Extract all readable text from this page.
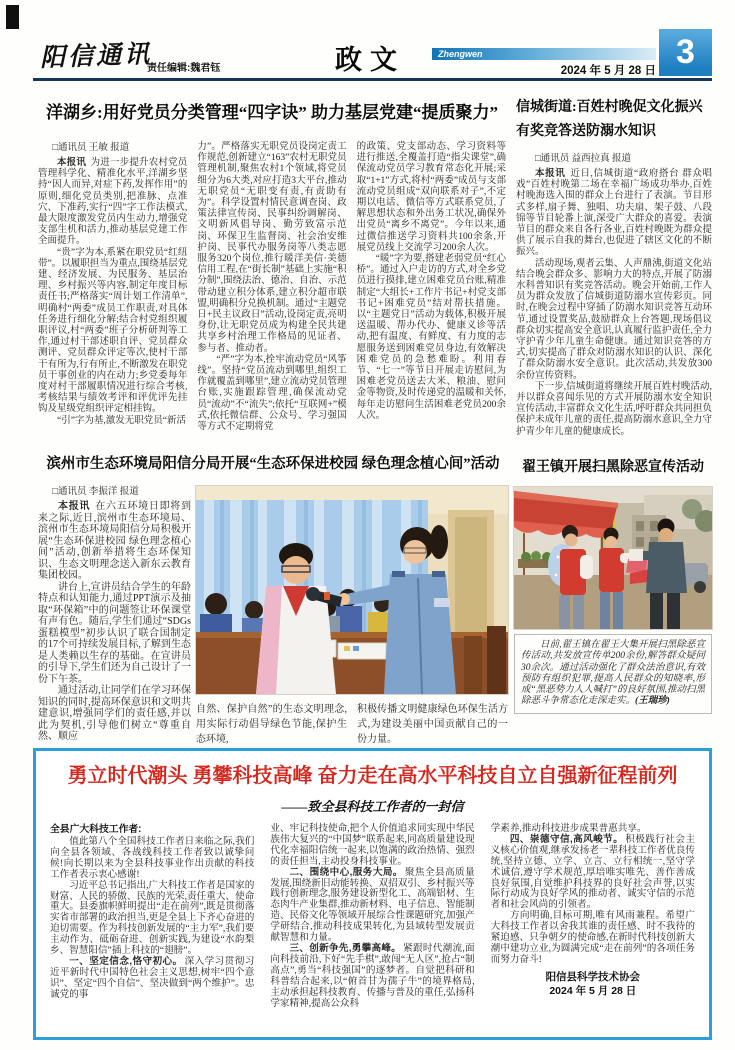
阳信通讯
责任编辑:魏君钰	政文	Zhengwen
2024 年 5 月 28 日 3
洋湖乡:用好党员分类管理“四字诀” 助力基层党建“提质聚力”

□通讯员 王敏 报道

本报讯 为进一步提升农村党员管理科学化、精准化水平,洋湖乡坚持“因人而异,对症下药,发挥作用”的原则,细化党员类别,把准脉、点准穴、下准药,实行“四”字工作法模式,最大限度激发党员内生动力,增强党支部生机和活力,推动基层党建工作全面提升。

“贵”字为本,系紧在职党员“红纽带”。以履职担当为重点,围绕基层党建、经济发展、为民服务、基层治理、乡村振兴等内容,制定年度目标责任书;严格落实“周计划工作清单”,明确村“两委”成员工作职责,对具体任务进行细化分解;结合村党组织履职评议,村“两委”班子分析研判等工作,通过村干部述职自评、党员群众测评、党员群众评定等次,使村干部干有所为,行有所止,不断激发在职党员干事创业的内在动力;乡党委每年度对村干部履职情况进行综合考核,考核结果与绩效考评和评优评先挂钩及星级党组织评定相挂钩。

“引”字为基,激发无职党员“新活

力”。严格落实无职党员设岗定责工作规范,创新建立“163”农村无职党员管理机制,聚焦农村1个领域,将党员细分为6大类,对应打造3大平台,推动无职党员“无职变有责,有责助有为”。科学设置村情民意调查岗、政策法律宣传岗、民事纠纷调解岗、文明新风倡导岗、勤劳致富示范岗、环保卫生监督岗、社会治安维护岗、民事代办服务岗等八类志愿服务320个岗位,推行暖洋美信·美德信用工程,在“街长制”基础上实施“积分制”,围绕法治、德治、自治、示范带动建立积分体系,建立积分超市联盟,明确积分兑换机制。通过“主题党日+民主议政日”活动,设岗定责,亮明身份,让无职党员成为构建全民共建共享乡村治理工作格局的见证者、参与者、推动者。

“严”字为本,拴牢流动党员“风筝线”。坚持“党员流动到哪里,组织工作就覆盖到哪里”,建立流动党员管理台账,实施跟踪管理,确保流动党员“流动”不“流失”;依托“互联网+”模式,依托微信群、公众号、学习强国等方式不定期将党

的政策、党支部动态、学习资料等进行推送,全覆盖打造“指尖课堂”,确保流动党员学习教育常态化开展;采取“1+1”方式,将村“两委”成员与支部流动党员组成“双向联系对子”,不定期以电话、微信等方式联系党员,了解思想状态和外出务工状况,确保外出党员“离乡不离党”。今年以来,通过微信推送学习资料共100余条,开展党员线上交流学习200余人次。

“暖”字为要,搭建老弱党员“红心桥”。通过入户走访的方式,对全乡党员进行摸排,建立困难党员台账,精准制定“大组长+工作片书记+村党支部书记+困难党员”结对帮扶措施。以“主题党日”活动为载体,积极开展送温暖、帮办代办、健康义诊等活动,把有温度、有鲜度、有力度的志愿服务送到困难党员身边,有效解决困难党员的急愁难盼。利用春节、“七一”等节日开展走访慰问,为困难老党员送去大米、粮油、慰问金等物资,及时传递党的温暖和关怀,每年走访慰问生活困难老党员200余人次。

信城街道:百姓村晚促文化振兴
有奖竞答送防溺水知识

□通讯员 益西拉真 报道

本报讯 近日,信城街道“政府搭台 群众唱戏”百姓村晚第二场在幸福广场成功举办,百姓村晚海选入围的群众上台进行了表演。节目形式多样,扇子舞、独唱、功夫扇、架子鼓、八段锦等节目轮番上演,深受广大群众的喜爱。表演节目的群众来自各行各业,百姓村晚既为群众提供了展示自我的舞台,也促进了辖区文化的不断振兴。

活动现场,观者云集、人声鼎沸,街道文化站结合晚会群众多、影响力大的特点,开展了防溺水科普知识有奖竞答活动。晚会开始前,工作人员为群众发放了信城街道防溺水宣传彩页。同时,在晚会过程中穿插了防溺水知识竞答互动环节,通过设置奖品,鼓励群众上台答题,现场倡议群众切实提高安全意识,认真履行监护责任,全力守护青少年儿童生命健康。通过知识竞答的方式,切实提高了群众对防溺水知识的认识、深化了群众防溺水安全意识。此次活动,共发放300余份宣传资料。

下一步,信城街道将继续开展百姓村晚活动,并以群众喜闻乐见的方式开展防溺水安全知识宣传活动,丰富群众文化生活,呼吁群众共同担负保护未成年儿童的责任,提高防溺水意识,全力守护青少年儿童的健康成长。

滨州市生态环境局阳信分局开展“生态环保进校园 绿色理念植心间”活动

□通讯员 李振洋 报道

本报讯 在六五环境日即将到来之际,近日,滨州市生态环境局、滨州市生态环境局阳信分局积极开展“生态环保进校园 绿色理念植心间”活动,创新举措将生态环保知识、生态文明理念送入新东云教育集团校园。

讲台上,宣讲员结合学生的年龄特点和认知能力,通过PPT演示及抽取“环保箱”中的问题签让环保课堂有声有色。随后,学生们通过“SDGs蛋糕模型”初步认识了联合国制定的17个可持续发展目标,了解到生态是人类赖以生存的基础。在宣讲员的引导下,学生们还为自己设计了一份下午茶。

通过活动,让同学们在学习环保知识的同时,提高环保意识和文明共建意识,增强同学们的责任感,并以此为契机,引导他们树立“尊重自然、顺应

自然、保护自然”的生态文明理念,用实际行动倡导绿色节能,保护生态环境,

积极传播文明健康绿色环保生活方式,为建设美丽中国贡献自己的一份力量。

翟王镇开展扫黑除恶宣传活动
日前,翟王镇在翟王大集开展扫黑除恶宣传活动,共发放宣传单200余份,解答群众疑问30余次。通过活动强化了群众法治意识,有效预防有组织犯罪,提高人民群众的知晓率,形成“黑恶势力人人喊打”的良好氛围,推动扫黑除恶斗争常态化走深走实。(王瑞珍)
勇立时代潮头 勇攀科技高峰 奋力走在高水平科技自立自强新征程前列
——致全县科技工作者的一封信

全县广大科技工作者:

值此第八个全国科技工作者日来临之际,我们向全县各领域、各战线科技工作者致以诚挚问候!向长期以来为全县科技事业作出贡献的科技工作者表示衷心感谢!

习近平总书记指出,广大科技工作者是国家的财富、人民的骄傲、民族的光荣,责任重大、使命重大。县委旗帜鲜明提出“走在前列”,既是贯彻落实省市部署的政治担当,更是全县上下齐心奋进的迫切需要。作为科技创新发展的“主力军”,我们要主动作为、砥砺奋进、创新实践,为建设“水韵梨乡、智慧阳信”插上科技的“翅膀”。

一、坚定信念,恪守初心。 深入学习贯彻习近平新时代中国特色社会主义思想,树牢“四个意识”、坚定“四个自信”、坚决做到“两个维护”。忠诚党的事

业、牢记科技使命,把个人价值追求同实现中华民族伟大复兴的“中国梦”联系起来,同高质量建设现代化幸福阳信统一起来,以饱满的政治热情、强烈的责任担当,主动投身科技事业。

二、围绕中心,服务大局。 聚焦全县高质量发展,围绕新旧动能转换、双招双引、乡村振兴等践行创新理念,服务建设新型化工、高端铝材、生态肉牛产业集群,推动新材料、电子信息、智能制造、民俗文化等领域开展综合性课题研究,加强产学研结合,推动科技成果转化,为县域转型发展贡献智慧和力量。

三、创新争先,勇攀高峰。 紧跟时代潮流,面向科技前沿,下好“先手棋”,敢闯“无人区”,抢占“制高点”,勇当“科技强国”的逐梦者。自觉把科研和科普结合起来,以“俯首甘为孺子牛”的境界格局,主动承担起科技教育、传播与普及的重任,弘扬科学家精神,提高公众科

学素养,推动科技进步成果普惠共享。

四、崇德守信,高风峻节。 积极践行社会主义核心价值观,继承发扬老一辈科技工作者优良传统,坚持立德、立学、立言、立行相统一,坚守学术诚信,遵守学术规范,厚培唯实唯先、善作善成良好氛围,自觉维护科技界的良好社会声誉,以实际行动成为良好学风的推动者、诚实守信的示范者和社会风尚的引领者。

方向明确,目标可期,唯有风雨兼程。希望广大科技工作者以舍我其谁的责任感、时不我待的紧迫感、只争朝夕的使命感,在新时代科技创新大潮中建功立业,为圆满完成“走在前列”的各项任务而努力奋斗!

阳信县科学技术协会
2024 年 5 月 28 日
